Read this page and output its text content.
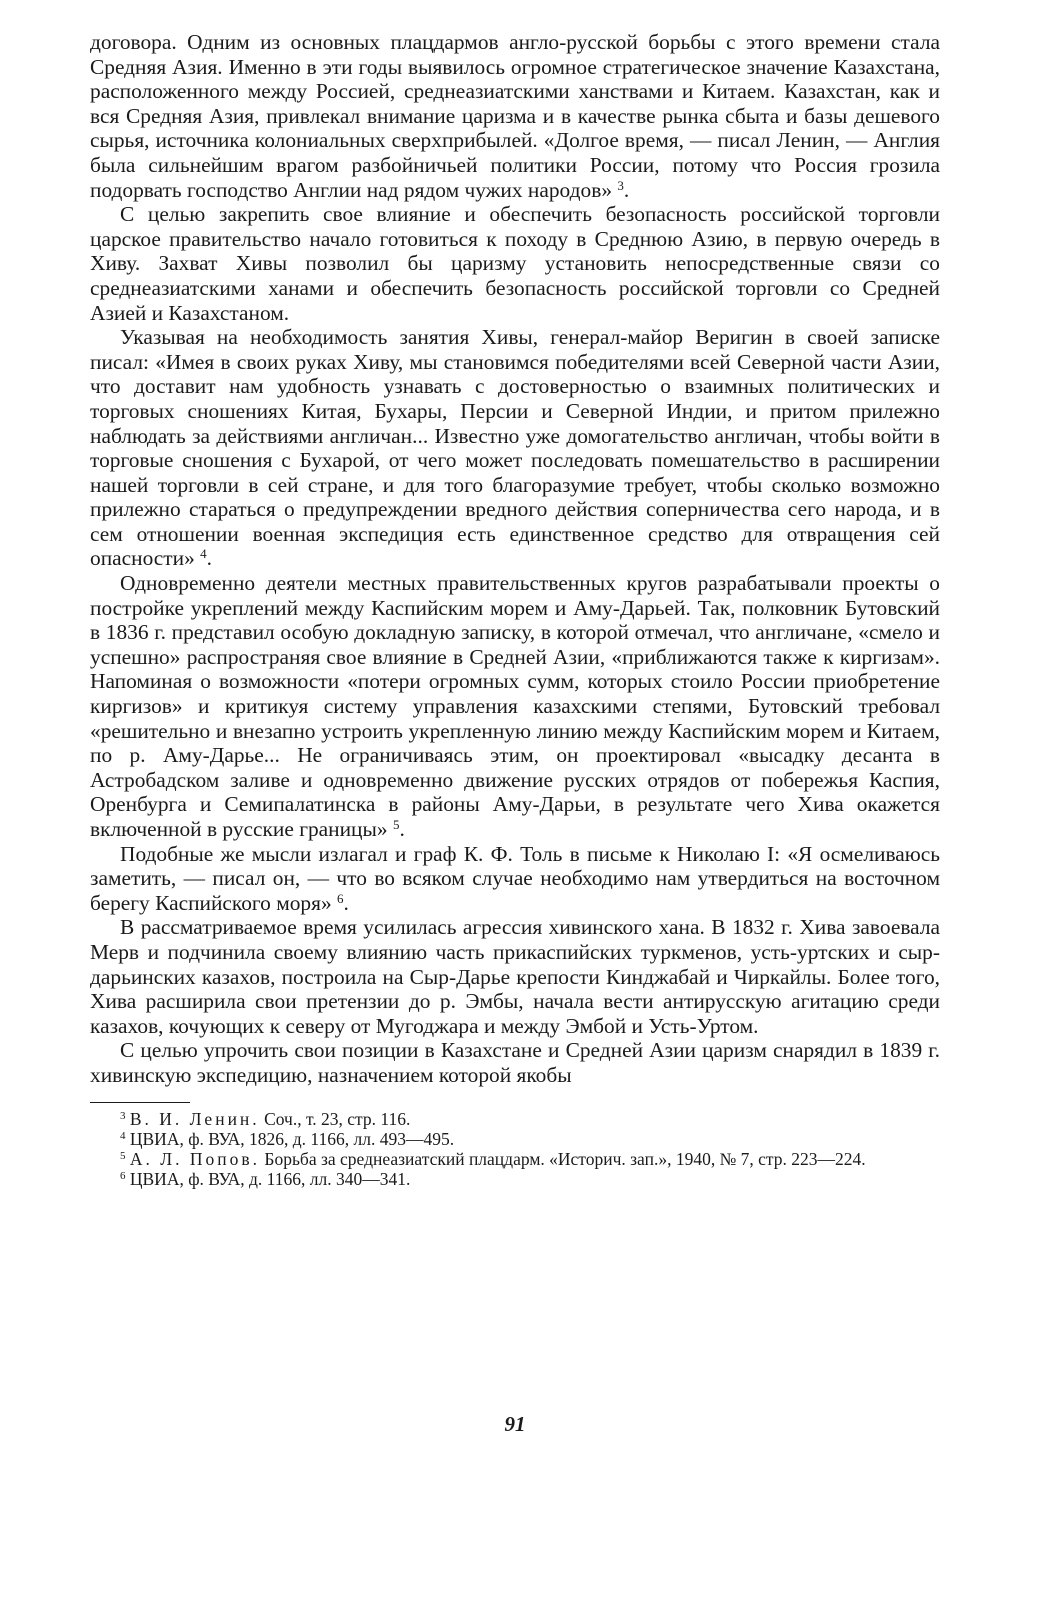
договора. Одним из основных плацдармов англо-русской борьбы с этого времени стала Средняя Азия. Именно в эти годы выявилось огромное стратегическое значение Казахстана, расположенного между Россией, среднеазиатскими ханствами и Китаем. Казахстан, как и вся Средняя Азия, привлекал внимание царизма и в качестве рынка сбыта и базы дешевого сырья, источника колониальных сверхприбылей. «Долгое время, — писал Ленин, — Англия была сильнейшим врагом разбойничьей политики России, потому что Россия грозила подорвать господство Англии над рядом чужих народов» $^3$.

С целью закрепить свое влияние и обеспечить безопасность российской торговли царское правительство начало готовиться к походу в Среднюю Азию, в первую очередь в Хиву. Захват Хивы позволил бы царизму установить непосредственные связи со среднеазиатскими ханами и обеспечить безопасность российской торговли со Средней Азией и Казахстаном.

Указывая на необходимость занятия Хивы, генерал-майор Веригин в своей записке писал: «Имея в своих руках Хиву, мы становимся победителями всей Северной части Азии, что доставит нам удобность узнавать с достоверностью о взаимных политических и торговых сношениях Китая, Бухары, Персии и Северной Индии, и притом прилежно наблюдать за действиями англичан... Известно уже домогательство англичан, чтобы войти в торговые сношения с Бухарой, от чего может последовать помешательство в расширении нашей торговли в сей стране, и для того благоразумие требует, чтобы сколько возможно прилежно стараться о предупреждении вредного действия соперничества сего народа, и в сем отношении военная экспедиция есть единственное средство для отвращения сей опасности» $^4$.

Одновременно деятели местных правительственных кругов разрабатывали проекты о постройке укреплений между Каспийским морем и Аму-Дарьей. Так, полковник Бутовский в 1836 г. представил особую докладную записку, в которой отмечал, что англичане, «смело и успешно» распространяя свое влияние в Средней Азии, «приближаются также к киргизам». Напоминая о возможности «потери огромных сумм, которых стоило России приобретение киргизов» и критикуя систему управления казахскими степями, Бутовский требовал «решительно и внезапно устроить укрепленную линию между Каспийским морем и Китаем, по р. Аму-Дарье... Не ограничиваясь этим, он проектировал «высадку десанта в Астробадском заливе и одновременно движение русских отрядов от побережья Каспия, Оренбурга и Семипалатинска в районы Аму-Дарьи, в результате чего Хива окажется включенной в русские границы» $^5$.

Подобные же мысли излагал и граф К. Ф. Толь в письме к Николаю I: «Я осмеливаюсь заметить, — писал он, — что во всяком случае необходимо нам утвердиться на восточном берегу Каспийского моря» $^6$.

В рассматриваемое время усилилась агрессия хивинского хана. В 1832 г. Хива завоевала Мерв и подчинила своему влиянию часть прикаспийских туркменов, усть-уртских и сыр-дарьинских казахов, построила на Сыр-Дарье крепости Кинджабай и Чиркайлы. Более того, Хива расширила свои претензии до р. Эмбы, начала вести антирусскую агитацию среди казахов, кочующих к северу от Мугоджара и между Эмбой и Усть-Уртом.

С целью упрочить свои позиции в Казахстане и Средней Азии царизм снарядил в 1839 г. хивинскую экспедицию, назначением которой якобы

$^3$ В. И. Ленин. Соч., т. 23, стр. 116.

$^4$ ЦВИА, ф. ВУА, 1826, д. 1166, лл. 493—495.

$^5$ А. Л. Попов. Борьба за среднеазиатский плацдарм. «Историч. зап.», 1940, № 7, стр. 223—224.

$^6$ ЦВИА, ф. ВУА, д. 1166, лл. 340—341.

91
